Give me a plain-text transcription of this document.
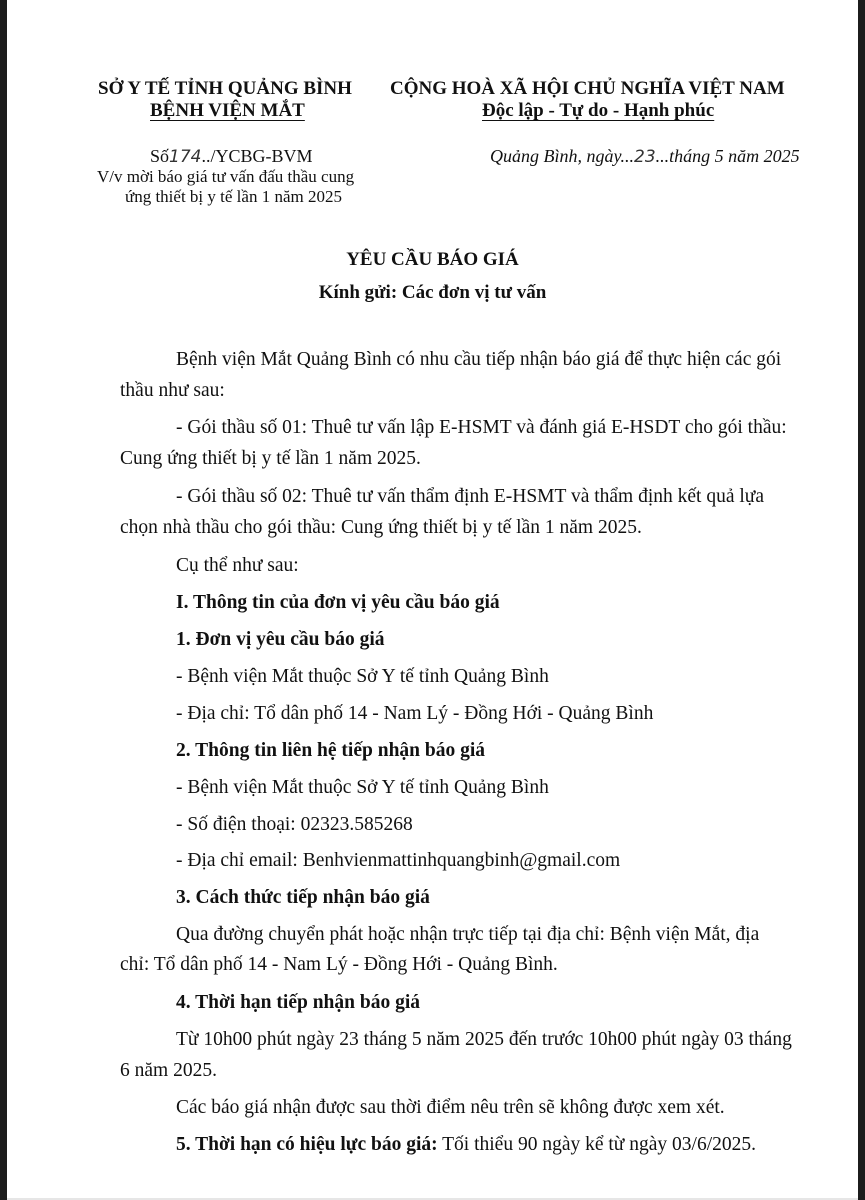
SỞ Y TẾ TỈNH QUẢNG BÌNH
BỆNH VIỆN MẮT
CỘNG HOÀ XÃ HỘI CHỦ NGHĨA VIỆT NAM
Độc lập - Tự do - Hạnh phúc
Số174../YCBG-BVM
V/v mời báo giá tư vấn đấu thầu cung
ứng thiết bị y tế lần 1 năm 2025
Quảng Bình, ngày...23...tháng 5 năm 2025
YÊU CẦU BÁO GIÁ
Kính gửi: Các đơn vị tư vấn
Bệnh viện Mắt Quảng Bình có nhu cầu tiếp nhận báo giá để thực hiện các gói
thầu như sau:
- Gói thầu số 01: Thuê tư vấn lập E-HSMT và đánh giá E-HSDT cho gói thầu:
Cung ứng thiết bị y tế lần 1 năm 2025.
- Gói thầu số 02: Thuê tư vấn thẩm định E-HSMT và thẩm định kết quả lựa
chọn nhà thầu cho gói thầu: Cung ứng thiết bị y tế lần 1 năm 2025.
Cụ thể như sau:
I. Thông tin của đơn vị yêu cầu báo giá
1. Đơn vị yêu cầu báo giá
- Bệnh viện Mắt thuộc Sở Y tế tỉnh Quảng Bình
- Địa chỉ: Tổ dân phố 14 - Nam Lý - Đồng Hới - Quảng Bình
2. Thông tin liên hệ tiếp nhận báo giá
- Bệnh viện Mắt thuộc Sở Y tế tỉnh Quảng Bình
- Số điện thoại: 02323.585268
- Địa chỉ email: Benhvienmattinhquangbinh@gmail.com
3. Cách thức tiếp nhận báo giá
Qua đường chuyển phát hoặc nhận trực tiếp tại địa chỉ: Bệnh viện Mắt, địa
chỉ: Tổ dân phố 14 - Nam Lý - Đồng Hới - Quảng Bình.
4. Thời hạn tiếp nhận báo giá
Từ 10h00 phút ngày 23 tháng 5 năm 2025 đến trước 10h00 phút ngày 03 tháng
6 năm 2025.
Các báo giá nhận được sau thời điểm nêu trên sẽ không được xem xét.
5. Thời hạn có hiệu lực báo giá: Tối thiểu 90 ngày kể từ ngày 03/6/2025.
